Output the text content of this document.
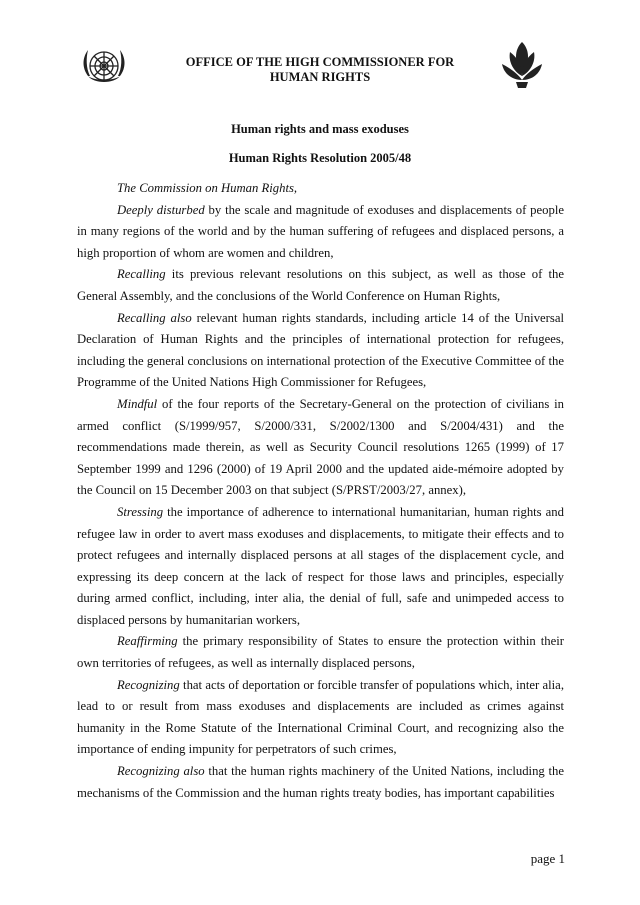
OFFICE OF THE HIGH COMMISSIONER FOR
HUMAN RIGHTS
Human rights and mass exoduses
Human Rights Resolution 2005/48

The Commission on Human Rights,

Deeply disturbed by the scale and magnitude of exoduses and displacements of people in many regions of the world and by the human suffering of refugees and displaced persons, a high proportion of whom are women and children,

Recalling its previous relevant resolutions on this subject, as well as those of the General Assembly, and the conclusions of the World Conference on Human Rights,

Recalling also relevant human rights standards, including article 14 of the Universal Declaration of Human Rights and the principles of international protection for refugees, including the general conclusions on international protection of the Executive Committee of the Programme of the United Nations High Commissioner for Refugees,

Mindful of the four reports of the Secretary-General on the protection of civilians in armed conflict (S/1999/957, S/2000/331, S/2002/1300 and S/2004/431) and the recommendations made therein, as well as Security Council resolutions 1265 (1999) of 17 September 1999 and 1296 (2000) of 19 April 2000 and the updated aide-mémoire adopted by the Council on 15 December 2003 on that subject (S/PRST/2003/27, annex),

Stressing the importance of adherence to international humanitarian, human rights and refugee law in order to avert mass exoduses and displacements, to mitigate their effects and to protect refugees and internally displaced persons at all stages of the displacement cycle, and expressing its deep concern at the lack of respect for those laws and principles, especially during armed conflict, including, inter alia, the denial of full, safe and unimpeded access to displaced persons by humanitarian workers,

Reaffirming the primary responsibility of States to ensure the protection within their own territories of refugees, as well as internally displaced persons,

Recognizing that acts of deportation or forcible transfer of populations which, inter alia, lead to or result from mass exoduses and displacements are included as crimes against humanity in the Rome Statute of the International Criminal Court, and recognizing also the importance of ending impunity for perpetrators of such crimes,

Recognizing also that the human rights machinery of the United Nations, including the mechanisms of the Commission and the human rights treaty bodies, has important capabilities

page 1
